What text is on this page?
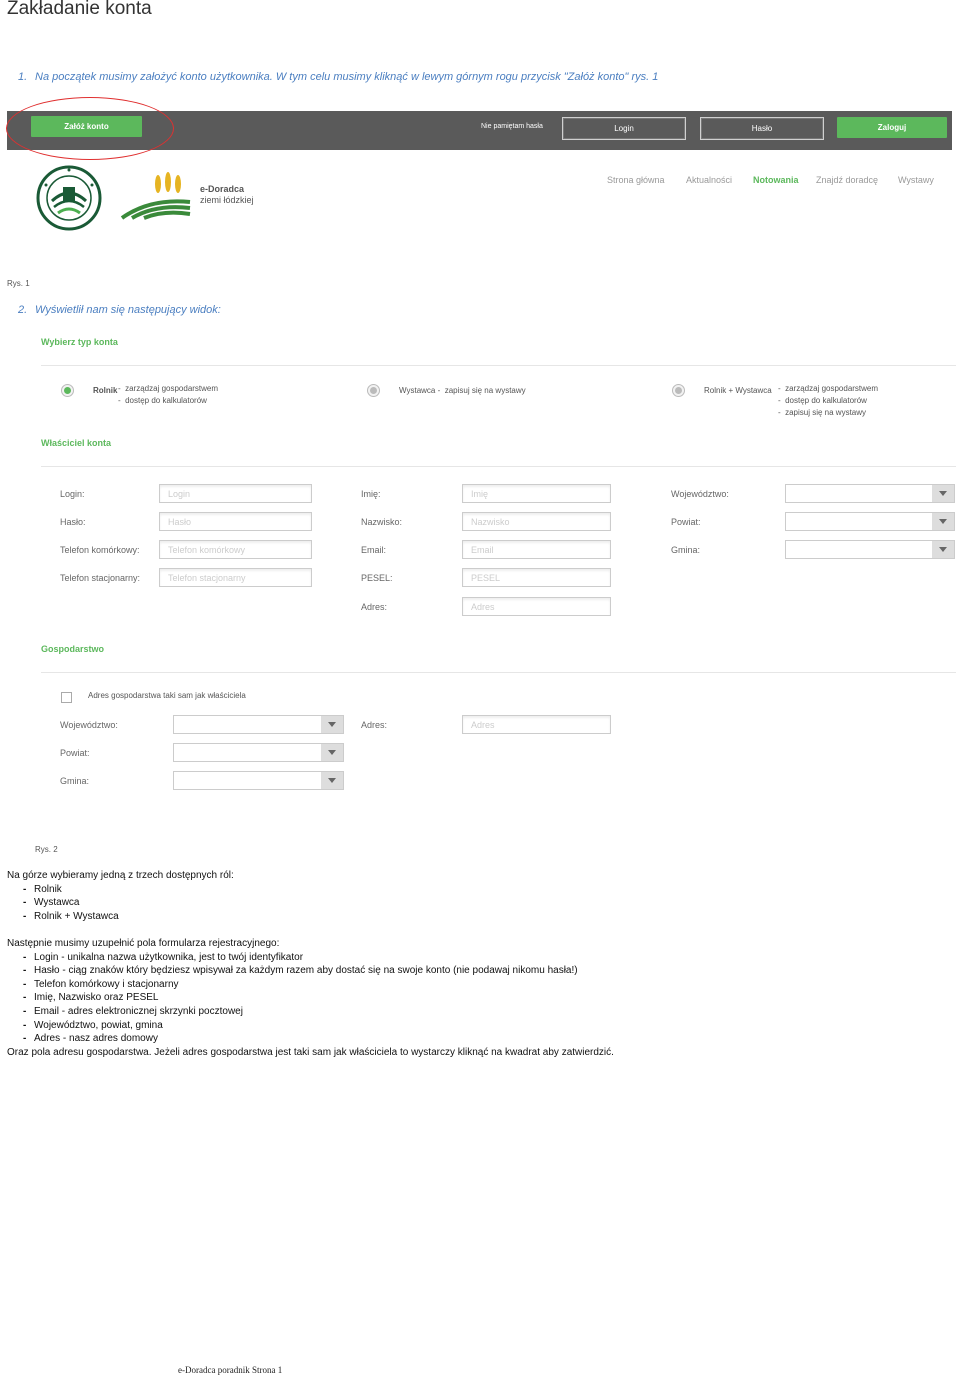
Zakładanie konta
1. Na początek musimy założyć konto użytkownika. W tym celu musimy kliknąć w lewym górnym rogu przycisk "Załóż konto" rys. 1
Załóż konto	Nie pamiętam hasła	Login	Hasło	Zaloguj
e-Doradca
ziemi łódzkiej
Strona główna Aktualności Notowania Znajdź doradcę Wystawy
Rys. 1
2. Wyświetlił nam się następujący widok:
Wybierz typ konta
Rolnik -  zarządzaj gospodarstwem
-  dostęp do kalkulatorów
Wystawca -  zapisuj się na wystawy	Rolnik + Wystawca -  zarządzaj gospodarstwem
-  dostęp do kalkulatorów
-  zapisuj się na wystawy
Właściciel konta
Login:	Login
Hasło:	Hasło
Telefon komórkowy:	Telefon komórkowy
Telefon stacjonarny:	Telefon stacjonarny
Imię:	Imię
Nazwisko:	Nazwisko
Email:	Email
PESEL:	PESEL
Adres:	Adres
Województwo:
Powiat:
Gmina:
Gospodarstwo
Adres gospodarstwa taki sam jak właściciela
Województwo:
Powiat:
Gmina:
Adres:	Adres
Rys. 2
Na górze wybieramy jedną z trzech dostępnych ról:
- Rolnik
- Wystawca
- Rolnik + Wystawca
Następnie musimy uzupełnić pola formularza rejestracyjnego:
- Login - unikalna nazwa użytkownika, jest to twój identyfikator
- Hasło - ciąg znaków który będziesz wpisywał za każdym razem aby dostać się na swoje konto (nie podawaj nikomu hasła!)
- Telefon komórkowy i stacjonarny
- Imię, Nazwisko oraz PESEL
- Email - adres elektronicznej skrzynki pocztowej
- Województwo, powiat, gmina
- Adres - nasz adres domowy
Oraz pola adresu gospodarstwa. Jeżeli adres gospodarstwa jest taki sam jak właściciela to wystarczy kliknąć na kwadrat aby zatwierdzić.
e-Doradca poradnik Strona 1
